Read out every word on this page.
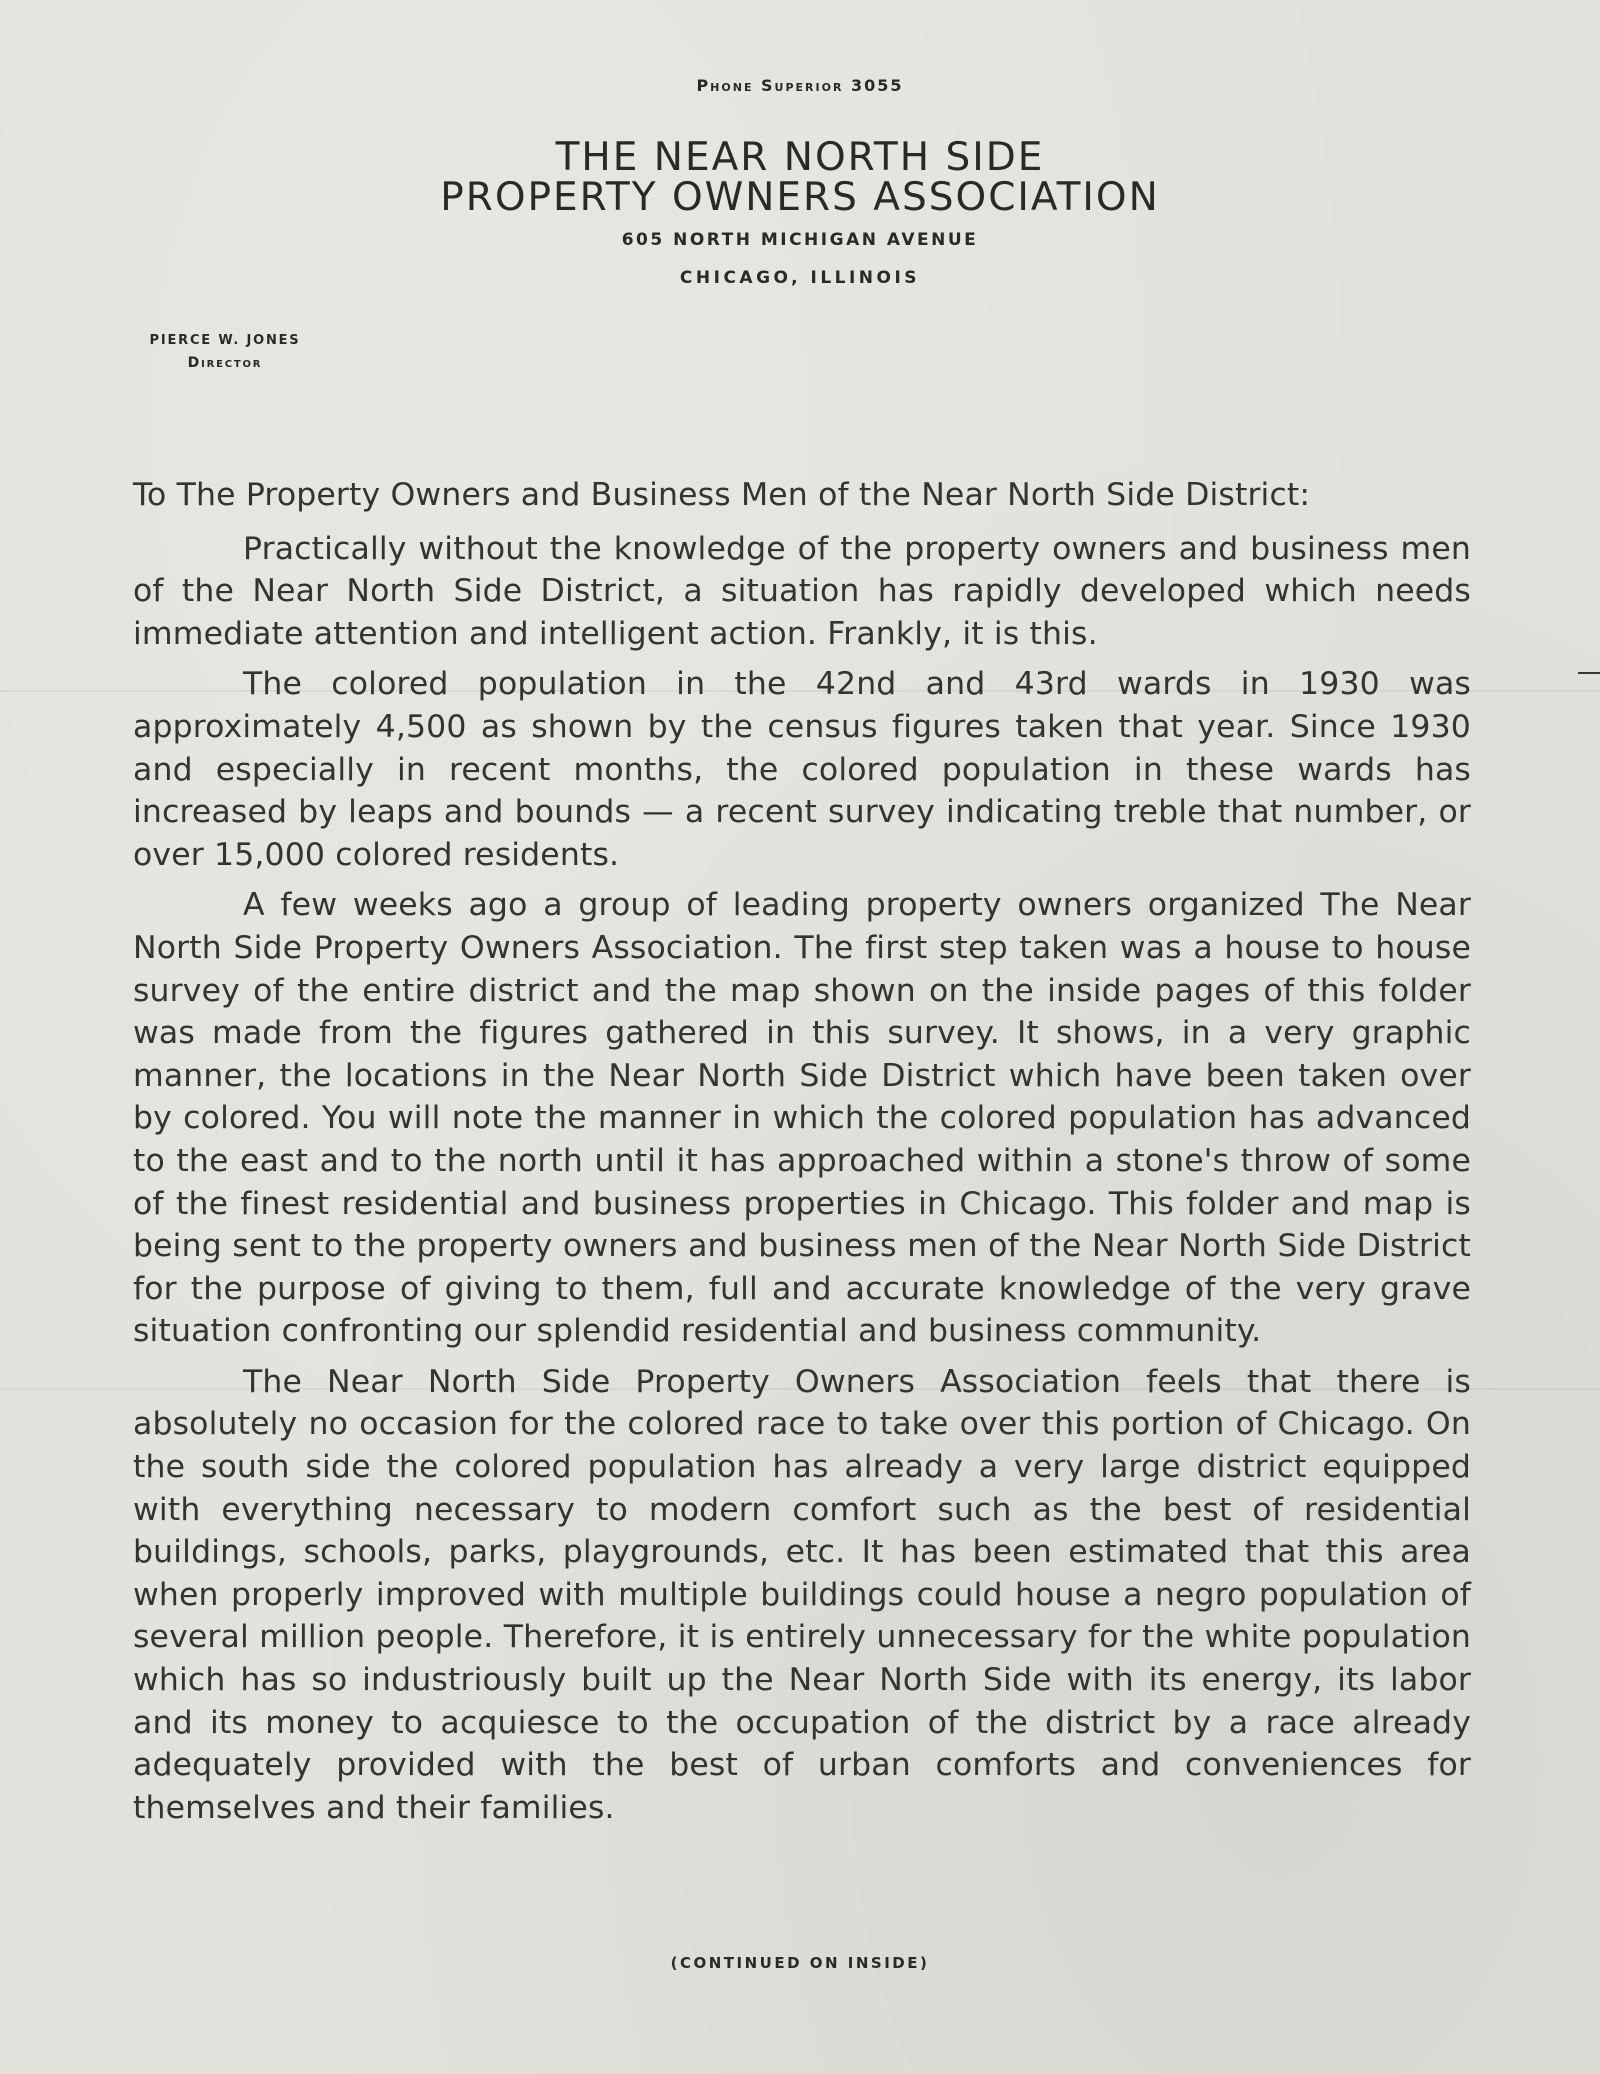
Phone Superior 3055
THE NEAR NORTH SIDE
PROPERTY OWNERS ASSOCIATION
605 NORTH MICHIGAN AVENUE
CHICAGO, ILLINOIS
PIERCE W. JONES
Director

To The Property Owners and Business Men of the Near North Side District:

Practically without the knowledge of the property owners and business men of the Near North Side District, a situation has rapidly developed which needs immediate attention and intelligent action. Frankly, it is this.

The colored population in the 42nd and 43rd wards in 1930 was approximately 4,500 as shown by the census figures taken that year. Since 1930 and especially in recent months, the colored population in these wards has increased by leaps and bounds — a recent survey indicating treble that number, or over 15,000 colored residents.

A few weeks ago a group of leading property owners organized The Near North Side Property Owners Association. The first step taken was a house to house survey of the entire district and the map shown on the inside pages of this folder was made from the figures gathered in this survey. It shows, in a very graphic manner, the locations in the Near North Side District which have been taken over by colored. You will note the manner in which the colored population has advanced to the east and to the north until it has approached within a stone's throw of some of the finest residential and business properties in Chicago. This folder and map is being sent to the property owners and business men of the Near North Side District for the purpose of giving to them, full and accurate knowledge of the very grave situation confronting our splendid residential and business community.

The Near North Side Property Owners Association feels that there is absolutely no occasion for the colored race to take over this portion of Chicago. On the south side the colored population has already a very large district equipped with everything necessary to modern comfort such as the best of residential buildings, schools, parks, playgrounds, etc. It has been estimated that this area when properly improved with multiple buildings could house a negro population of several million people. Therefore, it is entirely unnecessary for the white population which has so industriously built up the Near North Side with its energy, its labor and its money to acquiesce to the occupation of the district by a race already adequately provided with the best of urban comforts and conveniences for themselves and their families.

(CONTINUED ON INSIDE)
